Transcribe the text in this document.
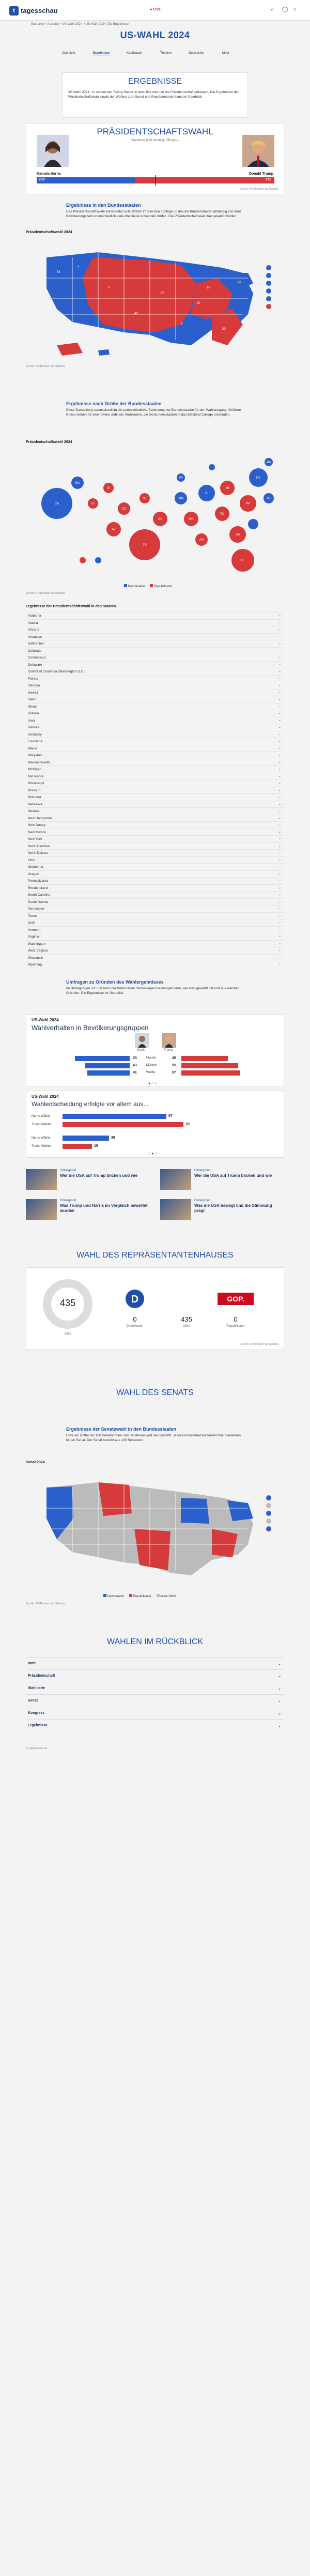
t tagesschau	● LIVE	⌕ ◯ ≡
Startseite > Ausland > US-Wahl 2024 > US-Wahl 2024: Die Ergebnisse
US-WAHL 2024
Übersicht	Ergebnisse	Kandidaten	Themen	Geschichte	Mehr
ERGEBNISSE
US-Wahl 2024 - In sieben der 'Swing States' in den USA wird um die Präsidentschaft gekämpft. Die Ergebnisse der Präsidentschaftswahl sowie der Wahlen zum Senat und Repräsentantenhaus im Überblick.
PRÄSIDENTSCHAFTSWAHL
Wahlleute (270 benötigt, 538 ges.)
Kamala Harris	Donald Trump
226	312
Quelle: AP/Reuters via Statista
Ergebnisse in den Bundesstaaten
Das Präsidentschaftswahl entscheidet sich letztlich im Electoral College, in das die Bundesstaaten abhängig von ihrer Bevölkerungszahl unterschiedlich viele Wahlleute entsenden dürfen. Die Präsidentschaftswahl hat gewählt werden.
Präsidentschaftswahl 2024
54
4
6
40
10
15
30
28
16
6
Quelle: AP/Reuters via Statista
Ergebnisse nach Größe der Bundesstaaten
Diese Darstellung veranschaulicht die unterschiedliche Bedeutung der Bundesstaaten für den Wahlausgang. Größere Kreise stehen für eine höhere Zahl von Wahlleuten, die die Bundesstaaten in das Electoral College entsenden.
Präsidentschaftswahl 2024
CA
WA
UT
ID
CO
AZ
NE
OK
TX
MN
MO
AR
IL
TN
MI
GA
PA
NY
FL
NJ
MA
WI
Demokraten	Republikaner
Quelle: AP/Reuters via Statista
Ergebnisse der Präsidentschaftswahl in den Staaten
Alabama	⌄
Alaska	⌄
Arizona	⌄
Arkansas	⌄
Kalifornien	⌄
Colorado	⌄
Connecticut	⌄
Delaware	⌄
District of Columbia (Washington D.C.)	⌄
Florida	⌄
Georgia	⌄
Hawaii	⌄
Idaho	⌄
Illinois	⌄
Indiana	⌄
Iowa	⌄
Kansas	⌄
Kentucky	⌄
Louisiana	⌄
Maine	⌄
Maryland	⌄
Massachusetts	⌄
Michigan	⌄
Minnesota	⌄
Mississippi	⌄
Missouri	⌄
Montana	⌄
Nebraska	⌄
Nevada	⌄
New Hampshire	⌄
New Jersey	⌄
New Mexico	⌄
New York	⌄
North Carolina	⌄
North Dakota	⌄
Ohio	⌄
Oklahoma	⌄
Oregon	⌄
Pennsylvania	⌄
Rhode Island	⌄
South Carolina	⌄
South Dakota	⌄
Tennessee	⌄
Texas	⌄
Utah	⌄
Vermont	⌄
Virginia	⌄
Washington	⌄
West Virginia	⌄
Wisconsin	⌄
Wyoming	⌄
Umfragen zu Gründen des Wahlergebnisses
Im Befragungen vor und nach der Wahl haben Demoskopen herausgefunden, wer wen gewählt hat und aus welchen Gründen. Die Ergebnisse im Überblick.
US-Wahl 2024
Wahlverhalten in Bevölkerungsgruppen
Harris	Trump
53	Frauen	45
43	Männer	55
41	Weiße	57
● ○ ○
US-Wahl 2024
Wahlentscheidung erfolgte vor allem aus...
Harris-Wähler	67
Trump-Wähler	78
Harris-Wähler	30
Trump-Wähler	19
○ ● ○
Hintergrund
Wer die USA auf Trump blicken und wie
Hintergrund
Wer die USA auf Trump blicken und wie
Hintergrund
Was Trump und Harris im Vergleich bewertet wurden
Hintergrund
Was die USA bewegt und die Stimmung prägt
WAHL DES REPRÄSENTANTENHAUSES
435
Sitze
D
0
Demokraten
435
offen
GOP.
0
Republikaner
Quelle: AP/Reuters via Statista
WAHL DES SENATS
Ergebnisse der Senatswahl in den Bundesstaaten
Etwa ein Drittel der 100 Senatorinnen und Senatoren wird neu gewählt. Jeder Bundesstaat entsendet zwei Senatoren in den Senat. Der Senat besteht aus 100 Senatoren.
Senat 2024
Demokraten	Republikaner	keine Wahl
Quelle: AP/Reuters via Statista
WAHLEN IM RÜCKBLICK
Wahl	⌄
Präsidentschaft	⌄
Wahlkarte	⌄
Senat	⌄
Kongress	⌄
Ergebnisse	⌄
© tagesschau.de
